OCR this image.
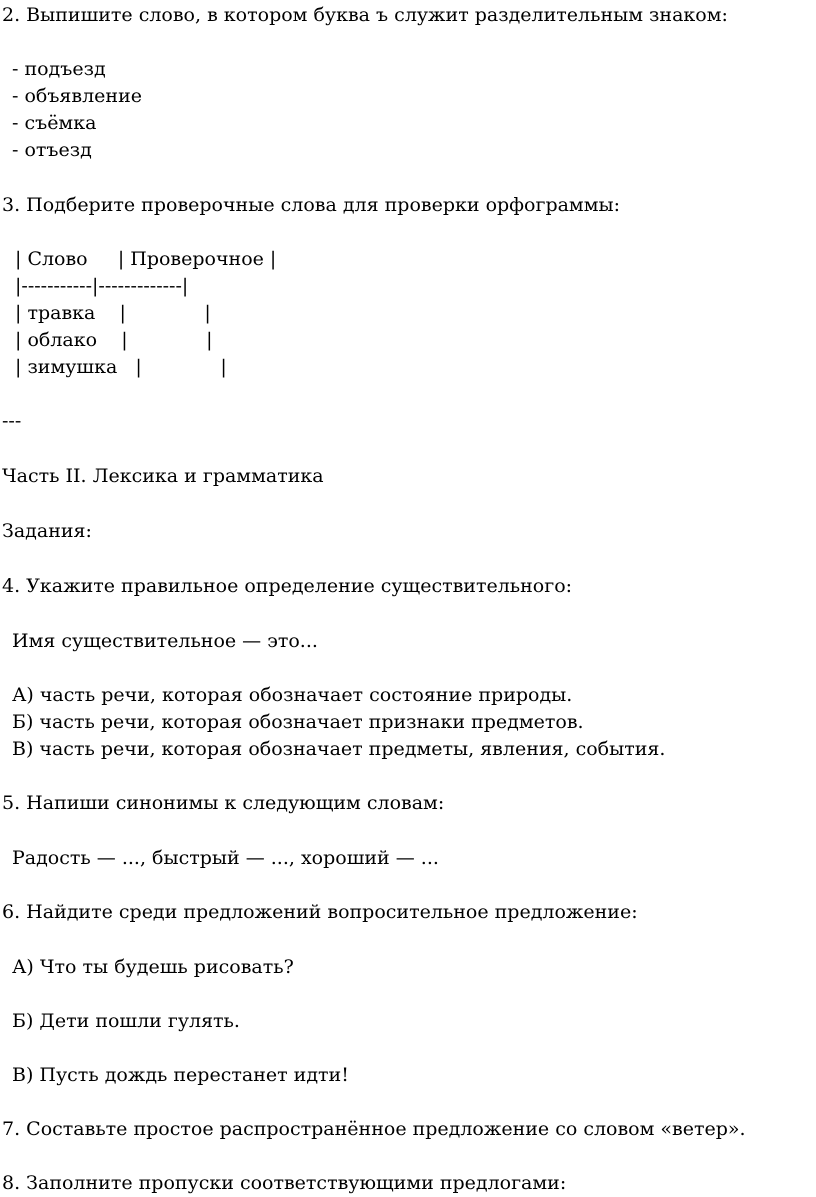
2. Выпишите слово, в котором буква ъ служит разделительным знаком:
- подъезд
- объявление
- съёмка
- отъезд
3. Подберите проверочные слова для проверки орфограммы:
| Слово     | Проверочное |
|-----------|-------------|
| травка    |             |
| облако    |             |
| зимушка   |             |
---
Часть II. Лексика и грамматика
Задания:
4. Укажите правильное определение существительного:
Имя существительное — это...
А) часть речи, которая обозначает состояние природы.
Б) часть речи, которая обозначает признаки предметов.
В) часть речи, которая обозначает предметы, явления, события.
5. Напиши синонимы к следующим словам:
Радость — ..., быстрый — ..., хороший — ...
6. Найдите среди предложений вопросительное предложение:
А) Что ты будешь рисовать?
Б) Дети пошли гулять.
В) Пусть дождь перестанет идти!
7. Составьте простое распространённое предложение со словом «ветер».
8. Заполните пропуски соответствующими предлогами:
